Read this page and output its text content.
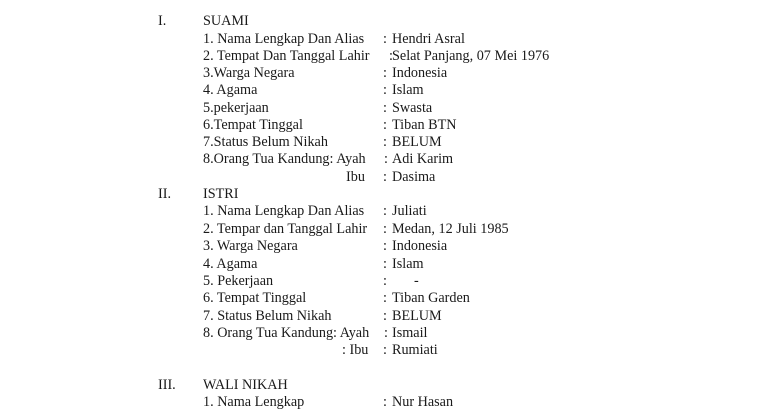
I.	SUAMI
1. Nama Lengkap Dan Alias : Hendri Asral
2. Tempat Dan Tanggal Lahir : Selat Panjang, 07 Mei 1976
3.Warga Negara	: Indonesia
4. Agama	: Islam
5.pekerjaan	: Swasta
6.Tempat Tinggal	: Tiban BTN
7.Status Belum Nikah	: BELUM
8.Orang Tua Kandung: Ayah : Adi Karim
Ibu : Dasima
II.	ISTRI
1. Nama Lengkap Dan Alias : Juliati
2. Tempar dan Tanggal Lahir : Medan, 12 Juli 1985
3. Warga Negara	: Indonesia
4. Agama	: Islam
5. Pekerjaan	: -
6. Tempat Tinggal	: Tiban Garden
7. Status Belum Nikah	: BELUM
8. Orang Tua Kandung: Ayah : Ismail
: Ibu : Rumiati
III.	WALI NIKAH
1. Nama Lengkap	: Nur Hasan
